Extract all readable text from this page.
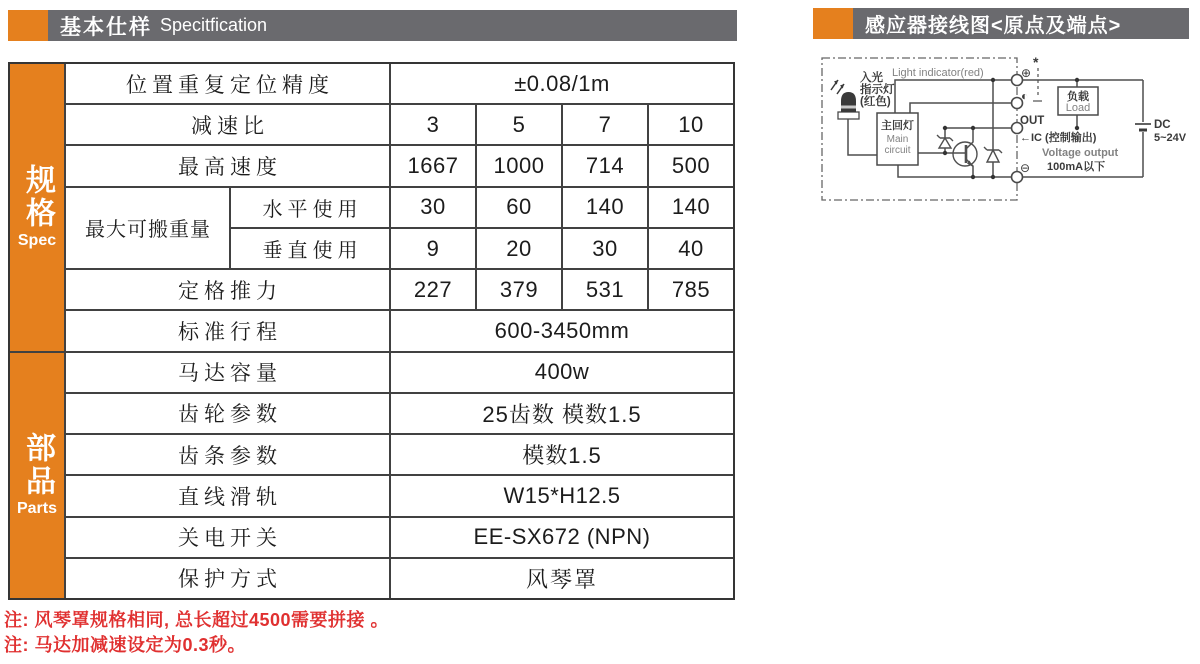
基本仕样 Specitfication	感应器接线图<原点及端点>
规格
Spec
部品
Parts
位置重复定位精度	±0.08/1m
减速比	3	5	7	10
最高速度	1667	1000	714	500
最大可搬重量
水平使用	30	60	140	140
垂直使用	9	20	30	40
定格推力	227	379	531	785
标准行程	600-3450mm
马达容量	400w
齿轮参数	25齿数 模数1.5
齿条参数	模数1.5
直线滑轨	W15*H12.5
关电开关	EE-SX672 (NPN)
保护方式	风琴罩
注: 风琴罩规格相同, 总长超过4500需要拼接 。
注: 马达加减速设定为0.3秒。
Light indicator(red)
入光
指示灯
(红色)
主回灯
Main
circuit
⊕
*
◐
OUT
←IC (控制输出)
Voltage output
100mA以下
⊖
负载
Load
DC
5~24V
